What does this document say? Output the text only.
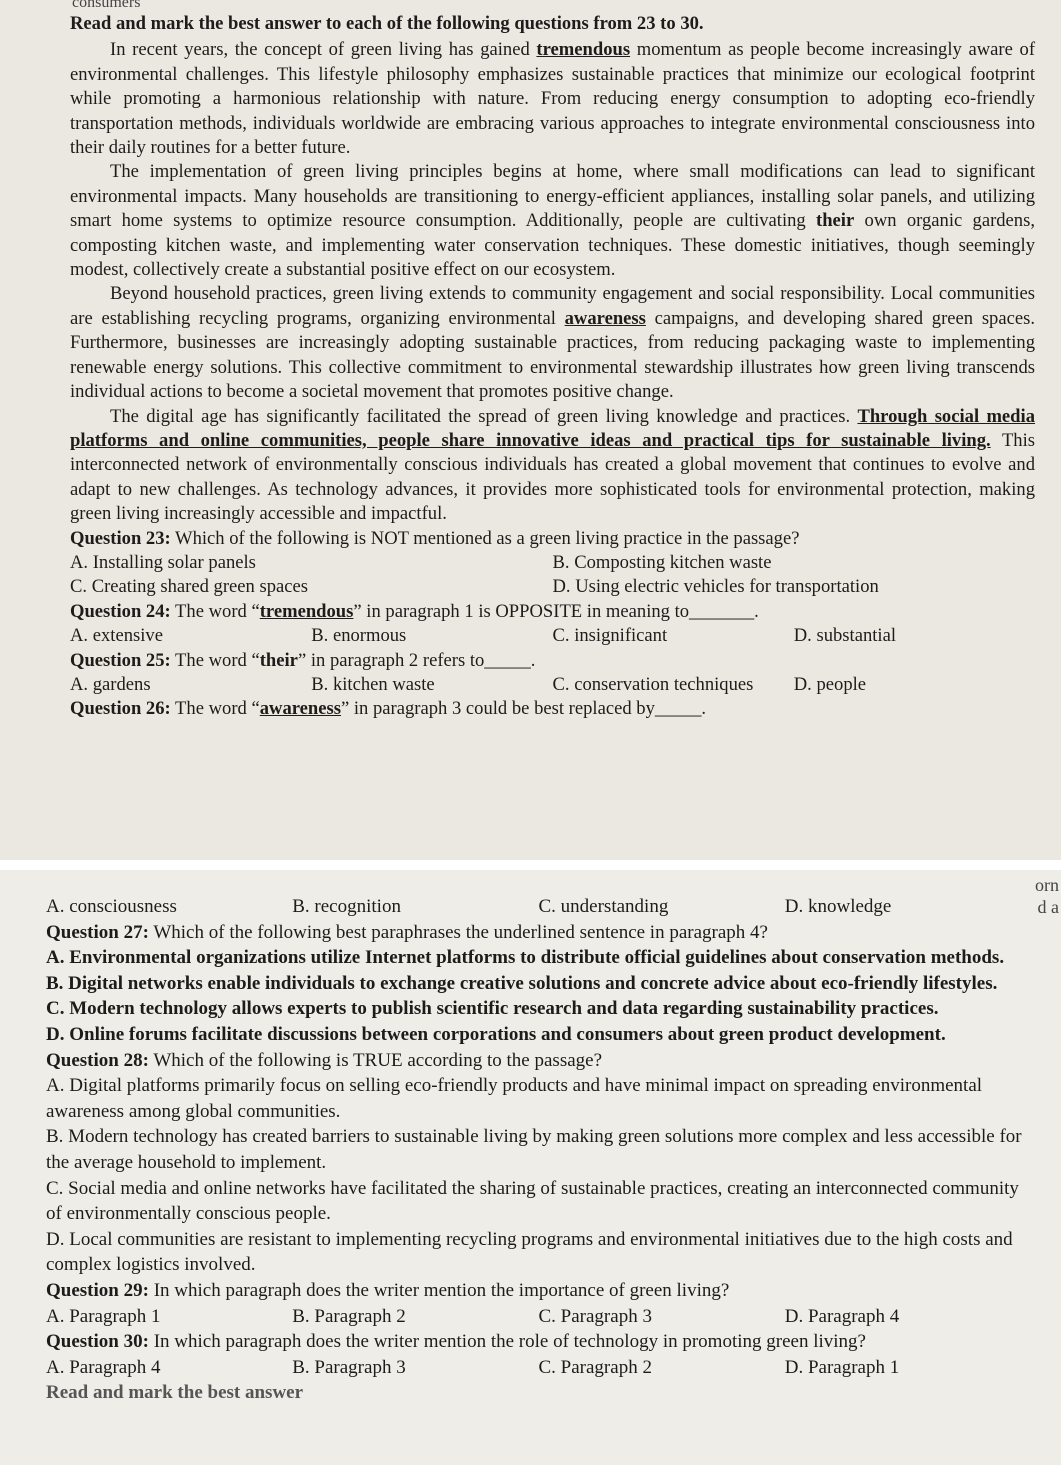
consumers

Read and mark the best answer to each of the following questions from 23 to 30.

In recent years, the concept of green living has gained tremendous momentum as people become increasingly aware of environmental challenges. This lifestyle philosophy emphasizes sustainable practices that minimize our ecological footprint while promoting a harmonious relationship with nature. From reducing energy consumption to adopting eco-friendly transportation methods, individuals worldwide are embracing various approaches to integrate environmental consciousness into their daily routines for a better future.

The implementation of green living principles begins at home, where small modifications can lead to significant environmental impacts. Many households are transitioning to energy-efficient appliances, installing solar panels, and utilizing smart home systems to optimize resource consumption. Additionally, people are cultivating their own organic gardens, composting kitchen waste, and implementing water conservation techniques. These domestic initiatives, though seemingly modest, collectively create a substantial positive effect on our ecosystem.

Beyond household practices, green living extends to community engagement and social responsibility. Local communities are establishing recycling programs, organizing environmental awareness campaigns, and developing shared green spaces. Furthermore, businesses are increasingly adopting sustainable practices, from reducing packaging waste to implementing renewable energy solutions. This collective commitment to environmental stewardship illustrates how green living transcends individual actions to become a societal movement that promotes positive change.

The digital age has significantly facilitated the spread of green living knowledge and practices. Through social media platforms and online communities, people share innovative ideas and practical tips for sustainable living. This interconnected network of environmentally conscious individuals has created a global movement that continues to evolve and adapt to new challenges. As technology advances, it provides more sophisticated tools for environmental protection, making green living increasingly accessible and impactful.

Question 23: Which of the following is NOT mentioned as a green living practice in the passage?

A. Installing solar panels	B. Composting kitchen waste
C. Creating shared green spaces	D. Using electric vehicles for transportation

Question 24: The word “tremendous” in paragraph 1 is OPPOSITE in meaning to_______.

A. extensive	B. enormous	C. insignificant	D. substantial

Question 25: The word “their” in paragraph 2 refers to_____.

A. gardens	B. kitchen waste	C. conservation techniques	D. people

Question 26: The word “awareness” in paragraph 3 could be best replaced by_____.

orn
d a
A. consciousness	B. recognition	C. understanding	D. knowledge

Question 27: Which of the following best paraphrases the underlined sentence in paragraph 4?

A. Environmental organizations utilize Internet platforms to distribute official guidelines about conservation methods.

B. Digital networks enable individuals to exchange creative solutions and concrete advice about eco-friendly lifestyles.

C. Modern technology allows experts to publish scientific research and data regarding sustainability practices.

D. Online forums facilitate discussions between corporations and consumers about green product development.

Question 28: Which of the following is TRUE according to the passage?

A. Digital platforms primarily focus on selling eco-friendly products and have minimal impact on spreading environmental awareness among global communities.

B. Modern technology has created barriers to sustainable living by making green solutions more complex and less accessible for the average household to implement.

C. Social media and online networks have facilitated the sharing of sustainable practices, creating an interconnected community of environmentally conscious people.

D. Local communities are resistant to implementing recycling programs and environmental initiatives due to the high costs and complex logistics involved.

Question 29: In which paragraph does the writer mention the importance of green living?

A. Paragraph 1	B. Paragraph 2	C. Paragraph 3	D. Paragraph 4

Question 30: In which paragraph does the writer mention the role of technology in promoting green living?

A. Paragraph 4	B. Paragraph 3	C. Paragraph 2	D. Paragraph 1
Read and mark the best answer
